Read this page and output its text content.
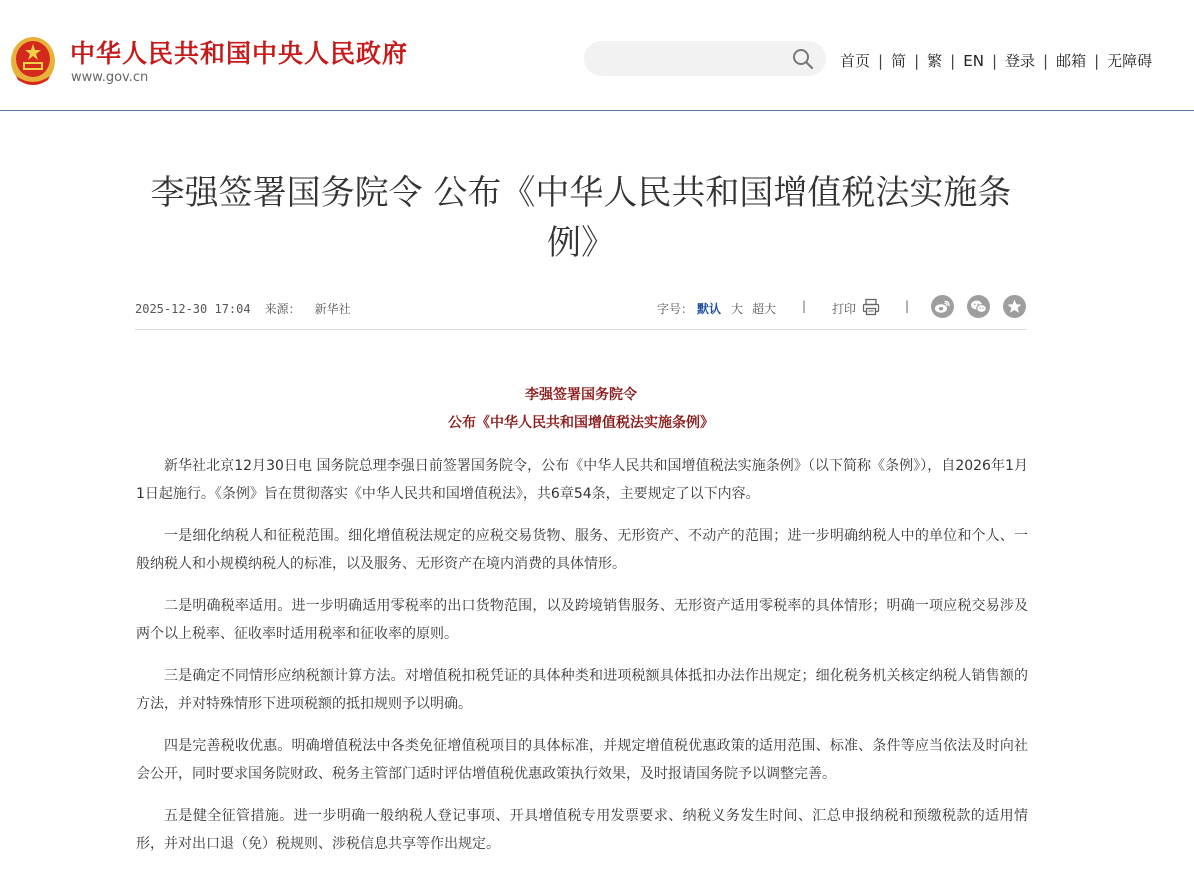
中华人民共和国中央人民政府
www.gov.cn
首页 | 简 | 繁 | EN | 登录 | 邮箱 | 无障碍
李强签署国务院令 公布《中华人民共和国增值税法实施条例》
2025-12-30 17:04 来源： 新华社	字号： 默认 大 超大 | 打印	|
李强签署国务院令
公布《中华人民共和国增值税法实施条例》

新华社北京12月30日电 国务院总理李强日前签署国务院令，公布《中华人民共和国增值税法实施条例》（以下简称《条例》），自2026年1月1日起施行。《条例》旨在贯彻落实《中华人民共和国增值税法》，共6章54条，主要规定了以下内容。

一是细化纳税人和征税范围。细化增值税法规定的应税交易货物、服务、无形资产、不动产的范围；进一步明确纳税人中的单位和个人、一般纳税人和小规模纳税人的标准，以及服务、无形资产在境内消费的具体情形。

二是明确税率适用。进一步明确适用零税率的出口货物范围，以及跨境销售服务、无形资产适用零税率的具体情形；明确一项应税交易涉及两个以上税率、征收率时适用税率和征收率的原则。

三是确定不同情形应纳税额计算方法。对增值税扣税凭证的具体种类和进项税额具体抵扣办法作出规定；细化税务机关核定纳税人销售额的方法，并对特殊情形下进项税额的抵扣规则予以明确。

四是完善税收优惠。明确增值税法中各类免征增值税项目的具体标准，并规定增值税优惠政策的适用范围、标准、条件等应当依法及时向社会公开，同时要求国务院财政、税务主管部门适时评估增值税优惠政策执行效果，及时报请国务院予以调整完善。

五是健全征管措施。进一步明确一般纳税人登记事项、开具增值税专用发票要求、纳税义务发生时间、汇总申报纳税和预缴税款的适用情形，并对出口退（免）税规则、涉税信息共享等作出规定。
